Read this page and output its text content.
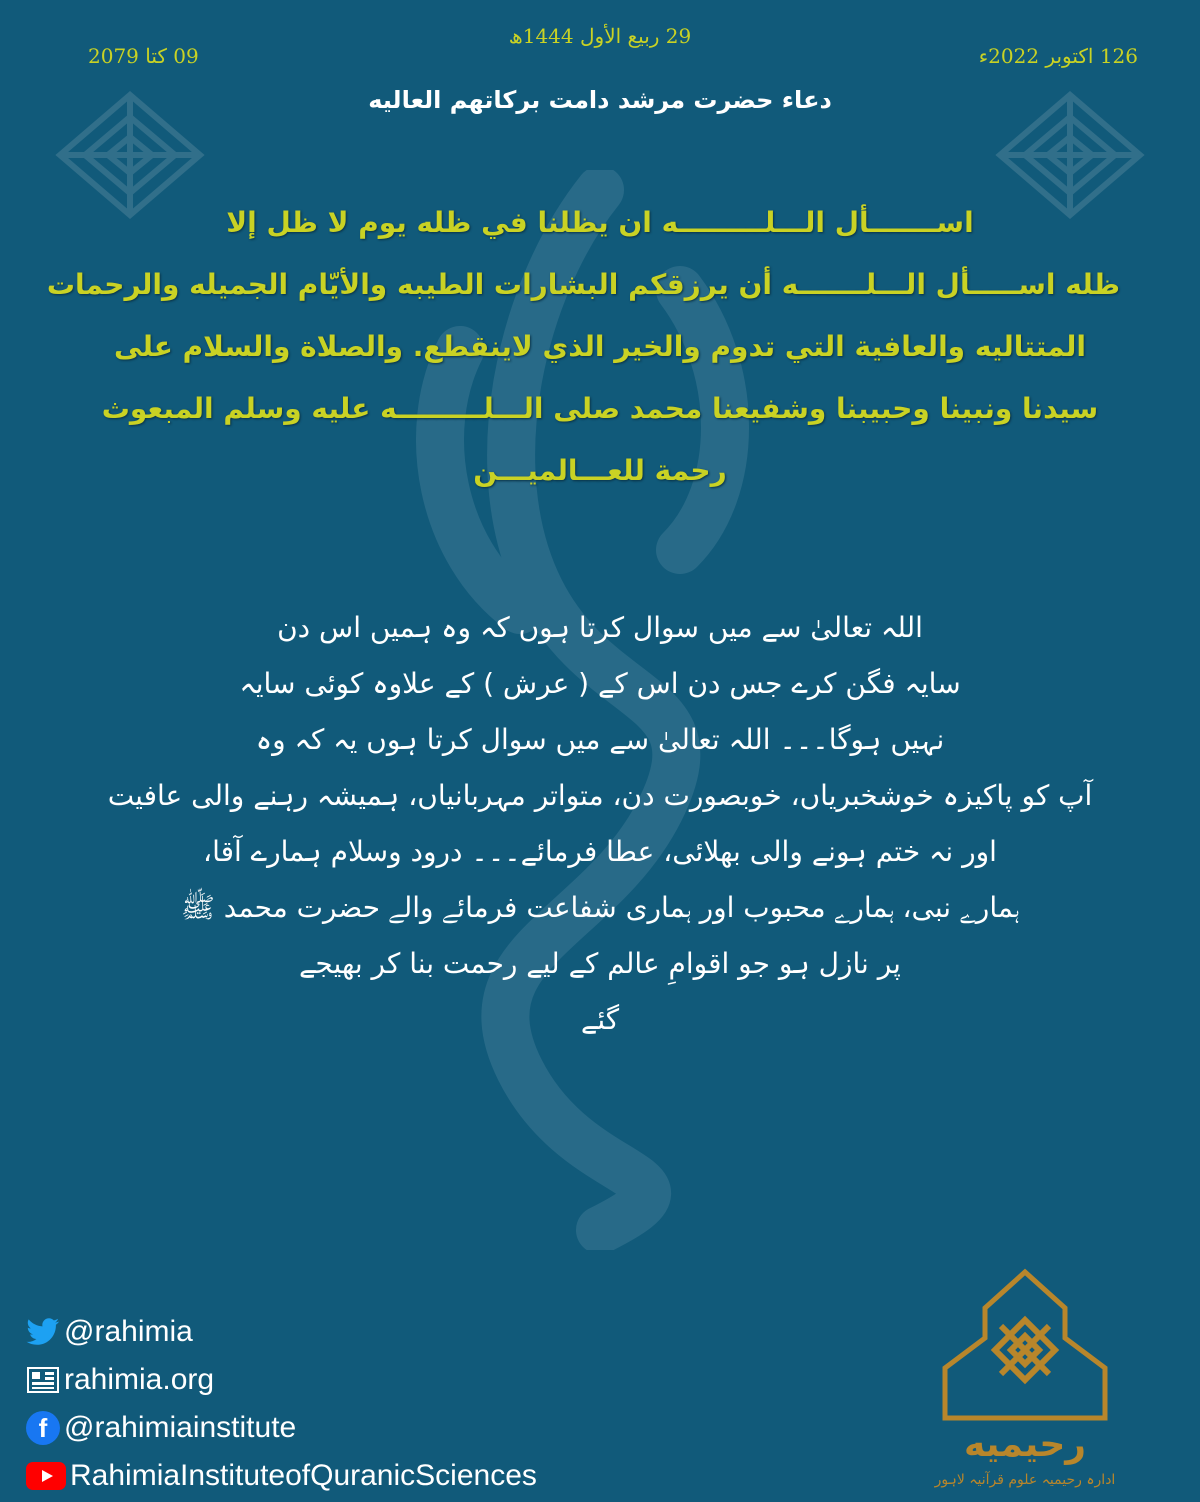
09 کتا 2079
29 ربیع الأول 1444ھ
126 اکتوبر 2022ء
دعاء حضرت مرشد دامت برکاتھم العالیه
اســـــــأل الـــلـــــــــه ان يظلنا في ظله يوم لا ظل إلا
ظله اســـــأل الـــلـــــــه أن يرزقكم البشارات الطيبه والأيّام الجميله والرحمات
المتتاليه والعافية التي تدوم والخير الذي لاينقطع. والصلاة والسلام على
سيدنا ونبينا وحبيبنا وشفيعنا محمد صلى الـــلـــــــــه عليه وسلم المبعوث
رحمة للعـــالميـــن
اللہ تعالیٰ سے میں سوال کرتا ہوں کہ وہ ہمیں اس دن
سایہ فگن کرے جس دن اس کے ( عرش ) کے علاوہ کوئی سایہ
نہیں ہوگا۔۔۔ اللہ تعالیٰ سے میں سوال کرتا ہوں یہ کہ وہ
آپ کو پاکیزہ خوشخبریاں، خوبصورت دن، متواتر مہربانیاں، ہمیشہ رہنے والی عافیت
اور نہ ختم ہونے والی بھلائی، عطا فرمائے۔۔۔ درود وسلام ہمارے آقا،
ہمارے نبی، ہمارے محبوب اور ہماری شفاعت فرمائے والے حضرت محمد ﷺ
پر نازل ہو جو اقوامِ عالم کے لیے رحمت بنا کر بھیجے
گئے
@rahimia
rahimia.org
f @rahimiainstitute
RahimiaInstituteofQuranicSciences
رحیمیه
ادارہ رحیمیہ علوم قرآنیہ لاہور
